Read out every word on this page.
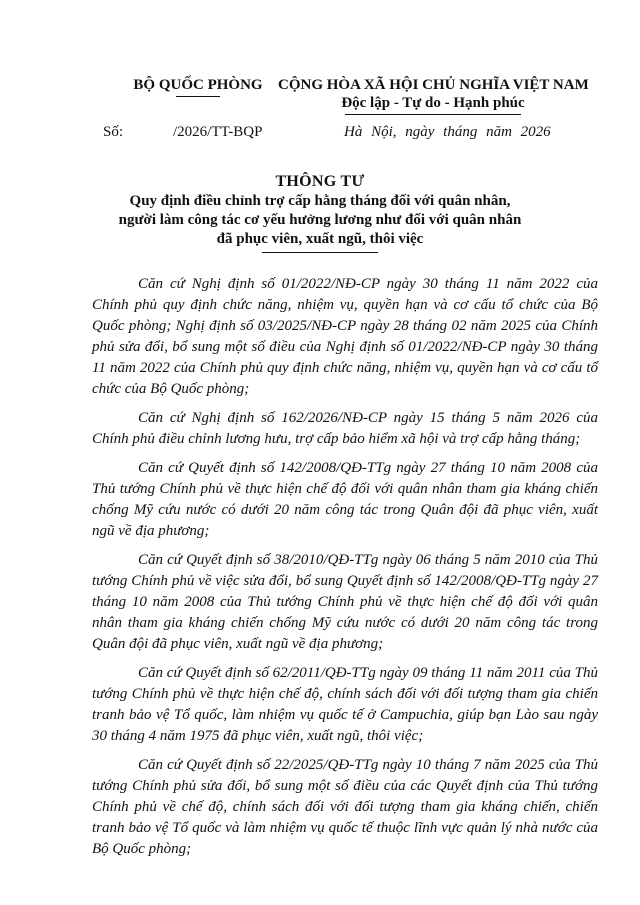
BỘ QUỐC PHÒNG	CỘNG HÒA XÃ HỘI CHỦ NGHĨA VIỆT NAM
Độc lập - Tự do - Hạnh phúc
Số:	/2026/TT-BQP	Hà Nội, ngày tháng năm 2026
THÔNG TƯ

Quy định điều chỉnh trợ cấp hằng tháng đối với quân nhân,

người làm công tác cơ yếu hưởng lương như đối với quân nhân

đã phục viên, xuất ngũ, thôi việc

Căn cứ Nghị định số 01/2022/NĐ-CP ngày 30 tháng 11 năm 2022 của Chính phủ quy định chức năng, nhiệm vụ, quyền hạn và cơ cấu tổ chức của Bộ Quốc phòng; Nghị định số 03/2025/NĐ-CP ngày 28 tháng 02 năm 2025 của Chính phủ sửa đổi, bổ sung một số điều của Nghị định số 01/2022/NĐ-CP ngày 30 tháng 11 năm 2022 của Chính phủ quy định chức năng, nhiệm vụ, quyền hạn và cơ cấu tổ chức của Bộ Quốc phòng;

Căn cứ Nghị định số 162/2026/NĐ-CP ngày 15 tháng 5 năm 2026 của Chính phủ điều chỉnh lương hưu, trợ cấp bảo hiểm xã hội và trợ cấp hằng tháng;

Căn cứ Quyết định số 142/2008/QĐ-TTg ngày 27 tháng 10 năm 2008 của Thủ tướng Chính phủ về thực hiện chế độ đối với quân nhân tham gia kháng chiến chống Mỹ cứu nước có dưới 20 năm công tác trong Quân đội đã phục viên, xuất ngũ về địa phương;

Căn cứ Quyết định số 38/2010/QĐ-TTg ngày 06 tháng 5 năm 2010 của Thủ tướng Chính phủ về việc sửa đổi, bổ sung Quyết định số 142/2008/QĐ-TTg ngày 27 tháng 10 năm 2008 của Thủ tướng Chính phủ về thực hiện chế độ đối với quân nhân tham gia kháng chiến chống Mỹ cứu nước có dưới 20 năm công tác trong Quân đội đã phục viên, xuất ngũ về địa phương;

Căn cứ Quyết định số 62/2011/QĐ-TTg ngày 09 tháng 11 năm 2011 của Thủ tướng Chính phủ về thực hiện chế độ, chính sách đối với đối tượng tham gia chiến tranh bảo vệ Tổ quốc, làm nhiệm vụ quốc tế ở Campuchia, giúp bạn Lào sau ngày 30 tháng 4 năm 1975 đã phục viên, xuất ngũ, thôi việc;

Căn cứ Quyết định số 22/2025/QĐ-TTg ngày 10 tháng 7 năm 2025 của Thủ tướng Chính phủ sửa đổi, bổ sung một số điều của các Quyết định của Thủ tướng Chính phủ về chế độ, chính sách đối với đối tượng tham gia kháng chiến, chiến tranh bảo vệ Tổ quốc và làm nhiệm vụ quốc tế thuộc lĩnh vực quản lý nhà nước của Bộ Quốc phòng;
